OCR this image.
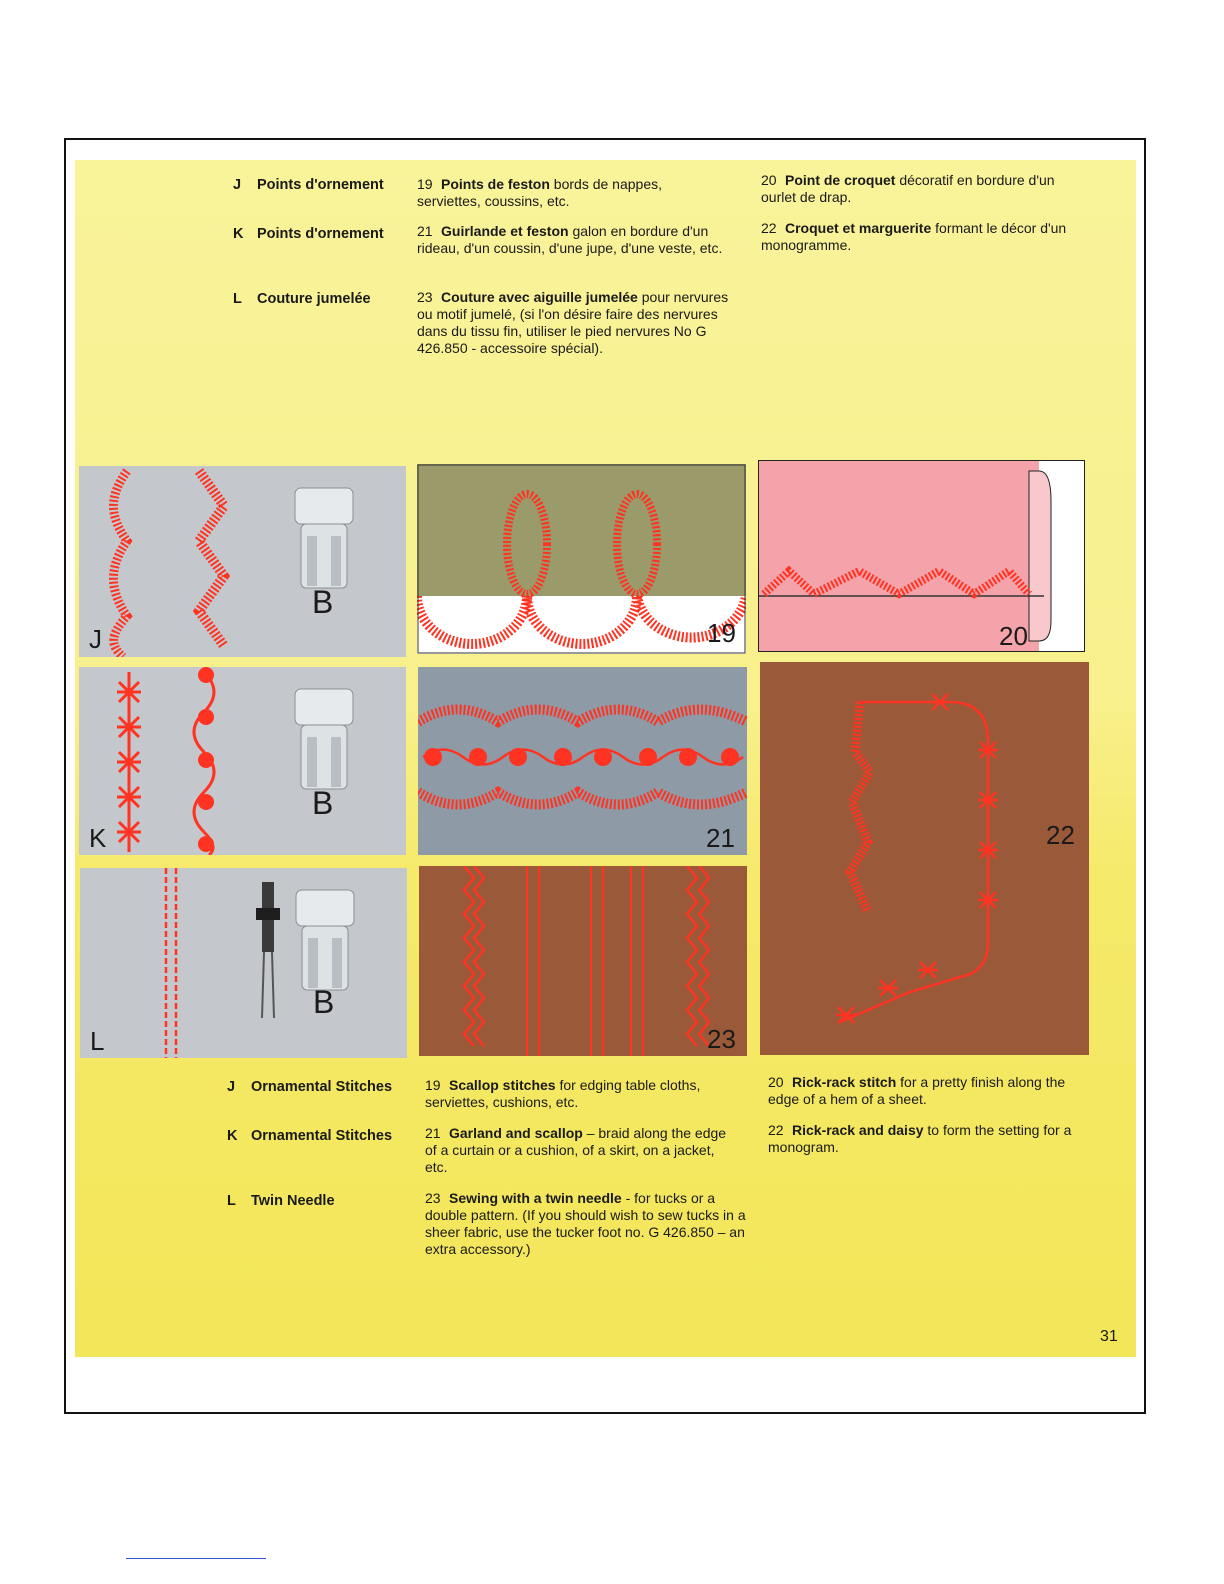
J Points d'ornement
K Points d'ornement
L Couture jumelée
19 Points de feston bords de nappes, serviettes, coussins, etc.
21 Guirlande et feston galon en bordure d'un rideau, d'un coussin, d'une jupe, d'une veste, etc.
23 Couture avec aiguille jumelée pour nervures ou motif jumelé, (si l'on désire faire des nervures dans du tissu fin, utiliser le pied nervures No G 426.850 - accessoire spécial).
20 Point de croquet décoratif en bordure d'un ourlet de drap.
22 Croquet et marguerite formant le décor d'un monogramme.
B
J	19	20
B
K	21	22
B
L	23
J Ornamental Stitches
K Ornamental Stitches
L Twin Needle
19 Scallop stitches for edging table cloths, serviettes, cushions, etc.
21 Garland and scallop – braid along the edge of a curtain or a cushion, of a skirt, on a jacket, etc.
23 Sewing with a twin needle - for tucks or a double pattern. (If you should wish to sew tucks in a sheer fabric, use the tucker foot no. G 426.850 – an extra accessory.)
20 Rick-rack stitch for a pretty finish along the edge of a hem of a sheet.
22 Rick-rack and daisy to form the setting for a monogram.
31
